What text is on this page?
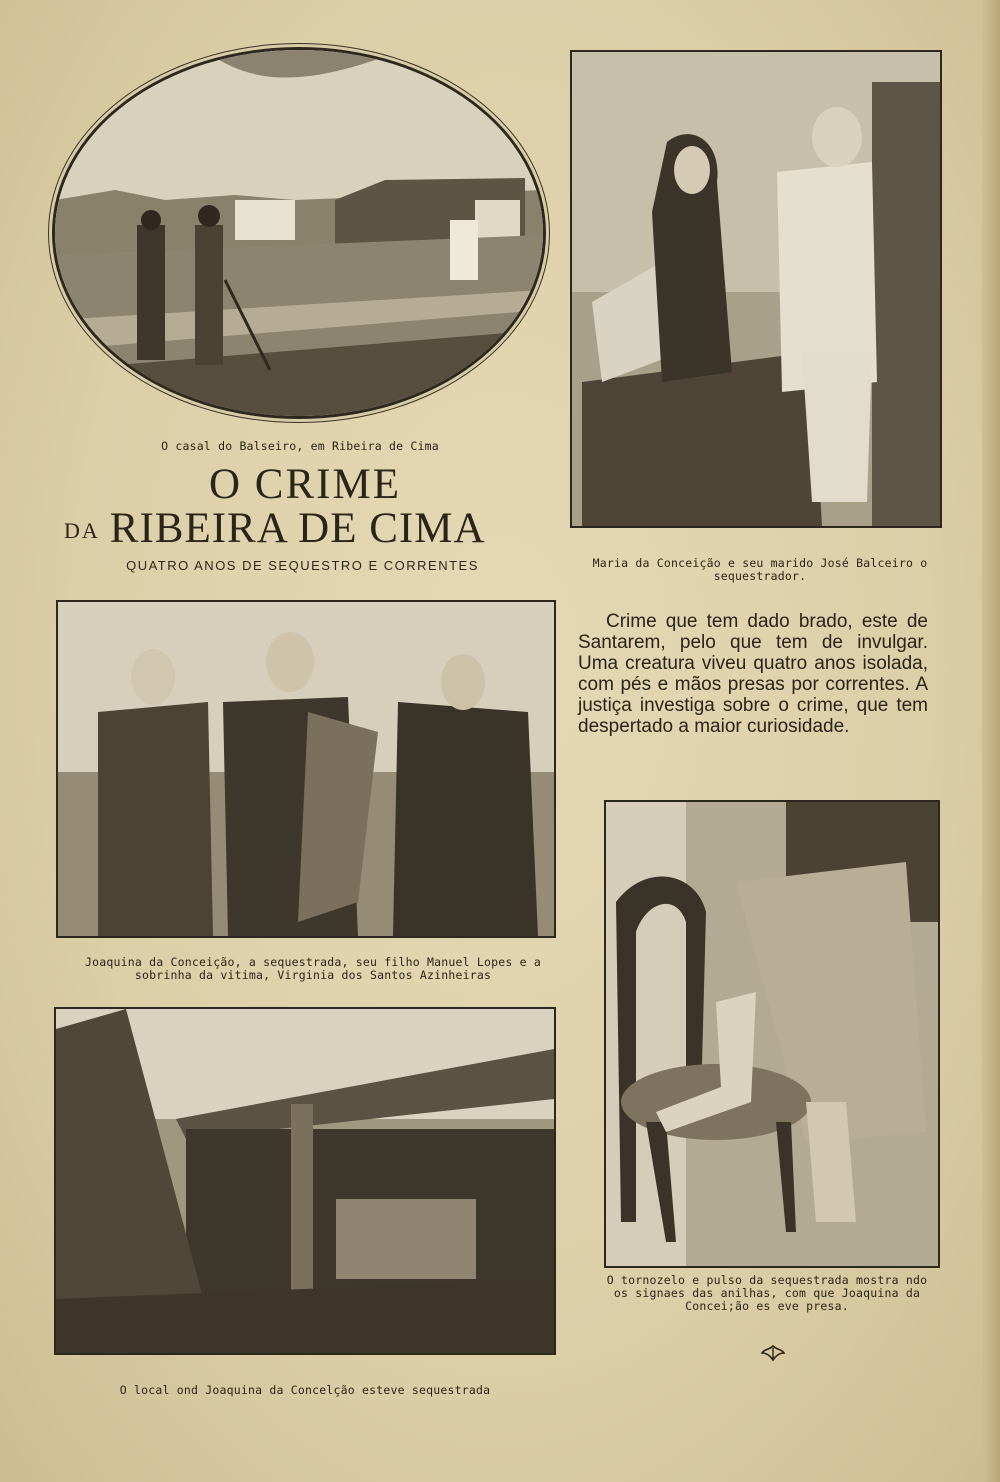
O casal do Balseiro, em Ribeira de Cima
O CRIME
DA RIBEIRA DE CIMA
QUATRO ANOS DE SEQUESTRO E CORRENTES	Maria da Conceição e seu marido José Balceiro o sequestrador.
Crime que tem dado brado, este de Santarem, pelo que tem de invulgar. Uma creatura viveu quatro anos isolada, com pés e mãos presas por correntes. A justiça investiga sobre o crime, que tem despertado a maior curiosidade.
Joaquina da Conceição, a sequestrada, seu filho Manuel Lopes e a
sobrinha da vitima, Virginia dos Santos Azinheiras
O tornozelo e pulso da sequestrada mostra ndo
os signaes das anilhas, com que Joaquina da
Concei;ão es eve presa.
O local ond Joaquina da Concelção esteve sequestrada
